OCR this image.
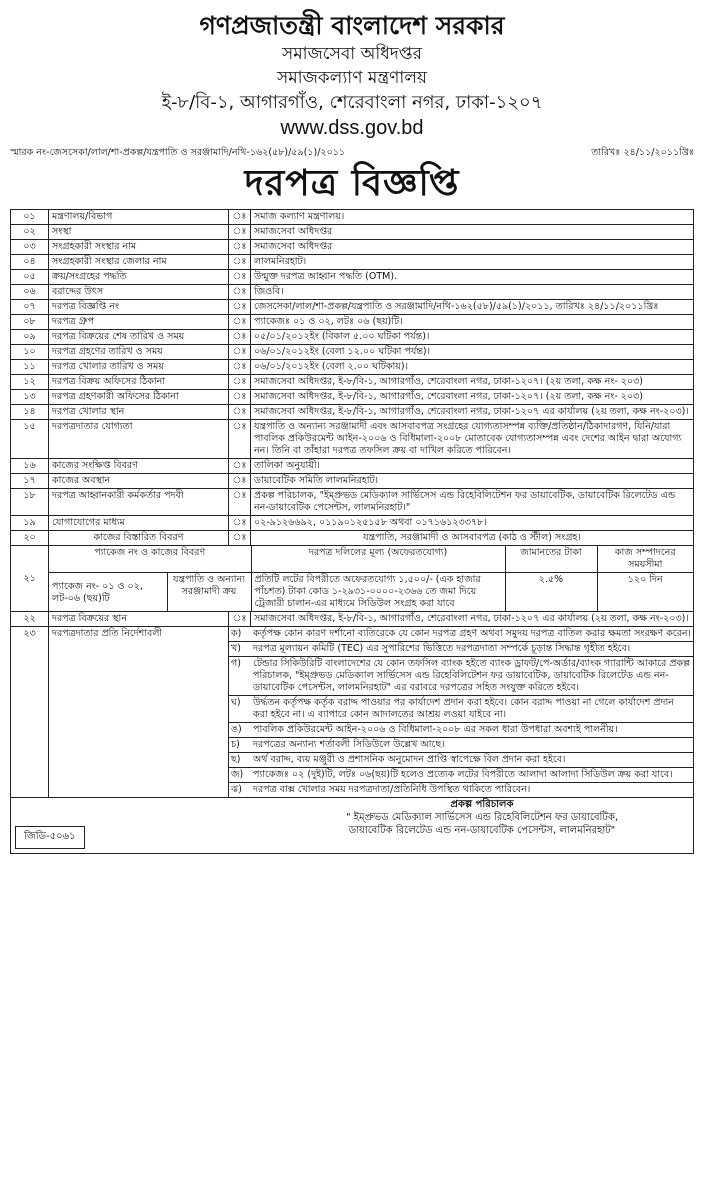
গণপ্রজাতন্ত্রী বাংলাদেশ সরকার
সমাজসেবা অধিদপ্তর
সমাজকল্যাণ মন্ত্রণালয়
ই-৮/বি-১, আগারগাঁও, শেরেবাংলা নগর, ঢাকা-১২০৭
www.dss.gov.bd
স্মারক নং-জেসসেকা/লাল/শা-প্রকল্প/যন্ত্রপাতি ও সরঞ্জামাদি/নথি-১৬২(৫৮)/৫৯(১)/২০১১	তারিখঃ ২৪/১১/২০১১খ্রিঃ
দরপত্র বিজ্ঞপ্তি
০১	মন্ত্রণালয়/বিভাগ	ঃ	সমাজ কল্যাণ মন্ত্রণালয়।
০২	সংস্থা	ঃ	সমাজসেবা অধিদপ্তর
০৩	সংগ্রহকারী সংস্থার নাম	ঃ	সমাজসেবা অধিদপ্তর
০৪	সংগ্রহকারী সংস্থার জেলার নাম	ঃ	লালমনিরহাট।
০৫	ক্রয়/সংগ্রহের পদ্ধতি	ঃ	উন্মুক্ত দরপত্র আহ্বান পদ্ধতি (OTM).
০৬	বরাদ্দের উৎস	ঃ	জিওবি।
০৭	দরপত্র বিজ্ঞপ্তি নং	ঃ	জেসসেকা/লাল/শা-প্রকল্প/যন্ত্রপাতি ও সরঞ্জামাদি/নথি-১৬২(৫৮)/৫৯(১)/২০১১, তারিখঃ ২৪/১১/২০১১খ্রিঃ
০৮	দরপত্র গ্রুপ	ঃ	প্যাকেজঃ ০১ ও ০২, লটঃ ০৬ (ছয়)টি।
০৯	দরপত্র বিক্রয়ের শেষ তারিখ ও সময়	ঃ	০৫/০১/২০১২ইং (বিকাল ৫.০০ ঘটিকা পর্যন্ত)।
১০	দরপত্র গ্রহণের তারিখ ও সময়	ঃ	০৬/০১/২০১২ইং (বেলা ১২.০০ ঘটিকা পর্যন্ত)।
১১	দরপত্র খোলার তারিখ ও সময়	ঃ	০৬/০১/২০১২ইং (বেলা ২.০০ ঘটিকায়)।
১২	দরপত্র বিক্রয় অফিসের ঠিকানা	ঃ	সমাজসেবা অধিদপ্তর, ই-৮/বি-১, আগারগাঁও, শেরেবাংলা নগর, ঢাকা-১২০৭। (২য় তলা, কক্ষ নং- ২০৩)
১৩	দরপত্র গ্রহণকারী অফিসের ঠিকানা	ঃ	সমাজসেবা অধিদপ্তর, ই-৮/বি-১, আগারগাঁও, শেরেবাংলা নগর, ঢাকা-১২০৭। (২য় তলা, কক্ষ নং- ২০৩)
১৪	দরপত্র খোলার স্থান	ঃ	সমাজসেবা অধিদপ্তর, ই-৮/বি-১, আগারগাঁও, শেরেবাংলা নগর, ঢাকা-১২০৭ এর কার্যালয় (২য় তলা, কক্ষ নং-২০৩)।
১৫	দরপত্রদাতার যোগ্যতা	ঃ	যন্ত্রপাতি ও অন্যান্য সরঞ্জামাদী এবং আসবাবপত্র সংগ্রহের যোগ্যতাসম্পন্ন ব্যক্তি/প্রতিষ্ঠান/ঠিকাদারগণ, যিনি/যারা পাবলিক প্রকিউরমেন্ট আইন-২০০৬ ও বিধিমালা-২০০৮ মোতাবেক যোগ্যতাসম্পন্ন এবং দেশের আইন দ্বারা অযোগ্য নন। তিনি বা তাঁহারা দরপত্র তফসিল ক্রয় বা দাখিল করিতে পারিবেন।
১৬	কাজের সংক্ষিপ্ত বিবরণ	ঃ	তালিকা অনুযায়ী।
১৭	কাজের অবস্থান	ঃ	ডায়াবেটিক সমিতি লালমনিরহাট।
১৮	দরপত্র আহ্বানকারী কর্মকর্তার পদবী	ঃ	প্রকল্প পরিচালক, "ইম্প্রুভড মেডিক্যাল সার্ভিসেস এন্ড রিহেবিলিটেশন ফর ডায়াবেটিক, ডায়াবেটিক রিলেটেড এন্ড নন-ডায়াবেটিক পেসেন্টস, লালমনিরহাট।"
১৯	যোগাযোগের মাধ্যম	ঃ	০২-৯১২৬৬৯২, ০১১৯০১২৫১৫৮ অথবা ০১৭১৬১২৩৩৭৮।
২০	কাজের বিস্তারিত বিবরণ	ঃ	যন্ত্রপাতি, সরঞ্জামাদী ও আসবাবপত্র (কাঠ ও স্টীল) সংগ্রহ।
২১	
প্যাকেজ নং ও কাজের বিবরণ	দরপত্র দলিলের মূল্য (অফেরতযোগ্য)	জামানতের টাকা	কাজ সম্পাদনের সময়সীমা
প্যাকেজ নং- ০১ ও ০২, লট-০৬ (ছয়)টি	যন্ত্রপাতি ও অন্যান্য সরঞ্জামাদী ক্রয়	প্রতিটি লটের বিপরীতে অফেরতযোগ্য ১,৫০০/- (এক হাজার পাঁচশত) টাকা কোড ১-২৯৩১-০০০০-২৩৬৬ তে জমা দিয়ে ট্রেজারী চালান-এর মাধ্যমে সিডিউল সংগ্রহ করা যাবে	২.৫%	১২০ দিন

২২	দরপত্র বিক্রয়ের স্থান	ঃ	সমাজসেবা অধিদপ্তর, ই-৮/বি-১, আগারগাঁও, শেরেবাংলা নগর, ঢাকা-১২০৭ এর কার্যালয় (২য় তলা, কক্ষ নং-২০৩)।
২৩	দরপত্রদাতার প্রতি নির্দেশাবলী	ক)	কর্তৃপক্ষ কোন কারণ দর্শানো ব্যতিরেকে যে কোন দরপত্র গ্রহণ অথবা সমুদয় দরপত্র বাতিল করার ক্ষমতা সংরক্ষণ করেন।
খ)	দরপত্র মূল্যায়ন কমিটি (TEC) এর সুপারিশের ভিত্তিতে দরপত্রদাতা সম্পর্কে চূড়ান্ত সিদ্ধান্ত গৃহীত হইবে।
গ)	টেন্ডার সিকিউরিটি বাংলাদেশের যে কোন তফসিল ব্যাংক হইতে ব্যাংক ড্রাফট/পে-অর্ডার/ব্যাংক গ্যারান্টি আকারে প্রকল্প পরিচালক, "ইম্প্রুভড মেডিক্যাল সার্ভিসেস এন্ড রিহেবিলিটেশন ফর ডায়াবেটিক, ডায়াবেটিক রিলেটেড এন্ড নন-ডায়াবেটিক পেসেন্টস, লালমনিরহাট" এর বরাবরে দরপত্রের সহিত সংযুক্ত করিতে হইবে।
ঘ)	উর্দ্ধতন কর্তৃপক্ষ কর্তৃক বরাদ্দ পাওয়ার পর কার্যাদেশ প্রদান করা হইবে। কোন বরাদ্দ পাওয়া না গেলে কার্যাদেশ প্রদান করা হইবে না। এ ব্যাপারে কোন আদালতের আশ্রয় লওয়া যাইবে না।
ঙ)	পাবলিক প্রকিউরমেন্ট আইন-২০০৬ ও বিধিমালা-২০০৮ এর সকল ধারা উপধারা অবশ্যই পালনীয়।
চ)	দরপত্রের অন্যান্য শর্তাবলী সিডিউলে উল্লেখ আছে।
ছ)	অর্থ বরাদ্দ, ব্যয় মঞ্জুরী ও প্রশাসনিক অনুমোদন প্রাপ্তি স্বাপেক্ষে বিল প্রদান করা হইবে।
জ)	প্যাকেজঃ ০২ (দুই)টি, লটঃ ০৬(ছয়)টি হলেও প্রত্যেক লটের বিপরীতে আলাদা আলাদা সিডিউল ক্রয় করা যাবে।
ঝ)	দরপত্র বাক্স খোলার সময় দরপত্রদাতা/প্রতিনিধি উপস্থিত থাকিতে পারিবেন।
প্রকল্প পরিচালক
" ইম্প্রুভড মেডিক্যাল সার্ভিসেস এন্ড রিহেবিলিটেশন ফর ডায়াবেটিক,
ডায়াবেটিক রিলেটেড এন্ড নন-ডায়াবেটিক পেসেন্টস, লালমনিরহাট"
জিডি-৫০৬১
